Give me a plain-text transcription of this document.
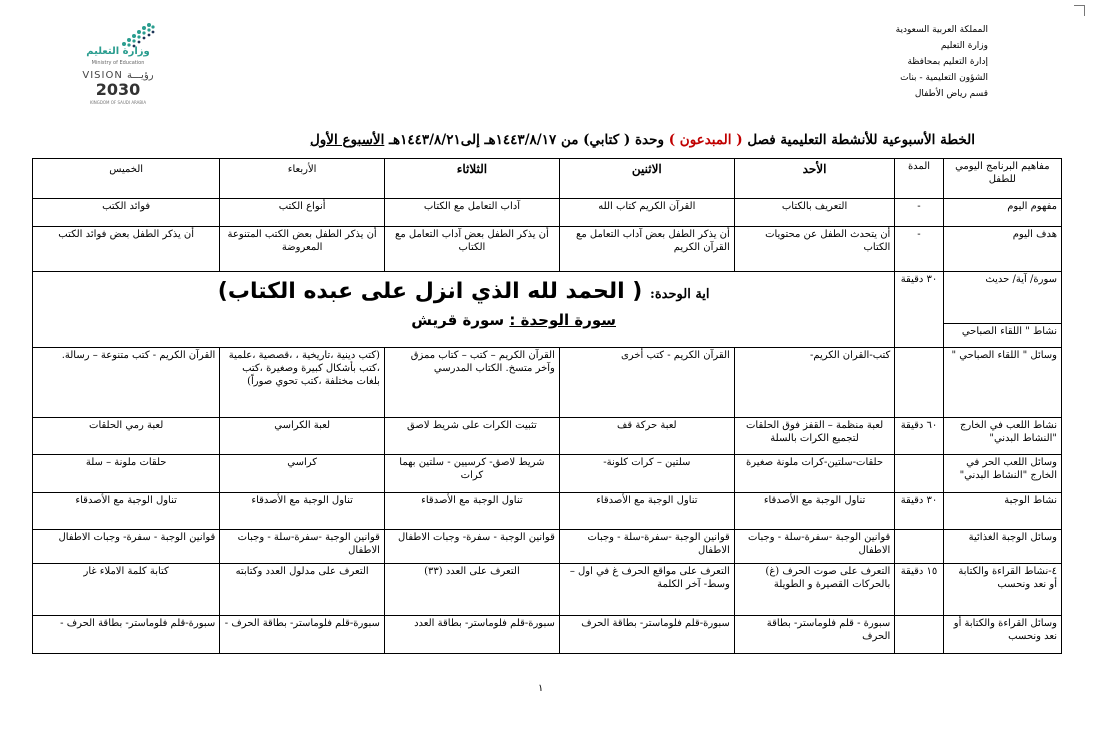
المملكة العربية السعودية
وزارة التعليم
إدارة التعليم بمحافظة
الشؤون التعليمية - بنات
قسم رياض الأطفال
وزارة التعليم
Ministry of Education
VISION رؤيـــة
2030
KINGDOM OF SAUDI ARABIA
الخطة الأسبوعية للأنشطة التعليمية فصل ( المبدعون ) وحدة ( كتابي) من ١٤٤٣/٨/١٧هـ إلى١٤٤٣/٨/٢١هـ الأسبوع الأول
مفاهيم البرنامج اليومي للطفل	المدة	الأحد	الاثنين	الثلاثاء	الأربعاء	الخميس
مفهوم اليوم	-	التعريف بالكتاب	القرآن الكريم كتاب الله	آداب التعامل مع الكتاب	أنواع الكتب	فوائد الكتب
هدف اليوم	-	أن يتحدث الطفل عن محتويات الكتاب	أن يذكر الطفل بعض آداب التعامل مع القرآن الكريم	أن يذكر الطفل بعض آداب التعامل مع الكتاب	أن يذكر الطفل بعض الكتب المتنوعة المعروضة	أن يذكر الطفل بعض فوائد الكتب
سورة/ آية/ حديث	٣٠ دقيقة	اية الوحدة: ( الحمد لله الذي انزل على عبده الكتاب)
سورة الوحدة : سورة قريش				

نشاط " اللقاء الصباحي						
وسائل " اللقاء الصباحي "		كتب-القران الكريم-	القرآن الكريم - كتب أخرى	القرآن الكريم – كتب – كتاب ممزق وآخر متسخ. الكتاب المدرسي	(كتب دينية ،تاريخية ، ،قصصية ،علمية ،كتب بأشكال كبيرة وصغيرة ،كتب بلغات مختلفة ،كتب تحوي صوراً)	القرآن الكريم - كتب متنوعة – رسالة.
نشاط اللعب في الخارج "النشاط البدني"	٦٠ دقيقة	لعبة منظمة – القفز فوق الحلقات لتجميع الكرات بالسلة	لعبة حركة قف	تثبيت الكرات على شريط لاصق	لعبة الكراسي	لعبة رمي الحلقات
وسائل اللعب الحر في الخارج "النشاط البدني"		حلقات-سلتين-كرات ملونة صغيرة	سلتين – كرات كلونة-	شريط لاصق- كرسيين - سلتين بهما كرات	كراسي	حلقات ملونة – سلة
نشاط الوجبة	٣٠ دقيقة	تناول الوجبة مع الأصدقاء	تناول الوجبة مع الأصدقاء	تناول الوجبة مع الأصدقاء	تناول الوجبة مع الأصدقاء	تناول الوجبة مع الأصدقاء
وسائل الوجبة الغذائية		قوانين الوجبة -سفرة-سلة - وجبات الاطفال	قوانين الوجبة -سفرة-سلة - وجبات الاطفال	قوانين الوجبة - سفرة- وجبات الاطفال	قوانين الوجبة -سفرة-سلة - وجبات الاطفال	قوانين الوجبة - سفرة- وجبات الاطفال
٤-نشاط القراءة والكتابة أو نعد ونحسب	١٥ دقيقة	التعرف على صوت الحرف (غ) بالحركات القصيرة و الطويلة	التعرف على مواقع الحرف غ في اول –وسط- آخر الكلمة	التعرف على العدد (٣٣)	التعرف على مدلول العدد وكتابته	كتابة كلمة الاملاء غار
وسائل القراءة والكتابة أو نعد ونحسب		سبورة - قلم فلوماستر- بطاقة الحرف	سبورة-قلم فلوماستر- بطاقة الحرف	سبورة-قلم فلوماستر- بطاقة العدد	سبورة-قلم فلوماستر- بطاقة الحرف -	سبورة-قلم فلوماستر- بطاقة الحرف -
١
